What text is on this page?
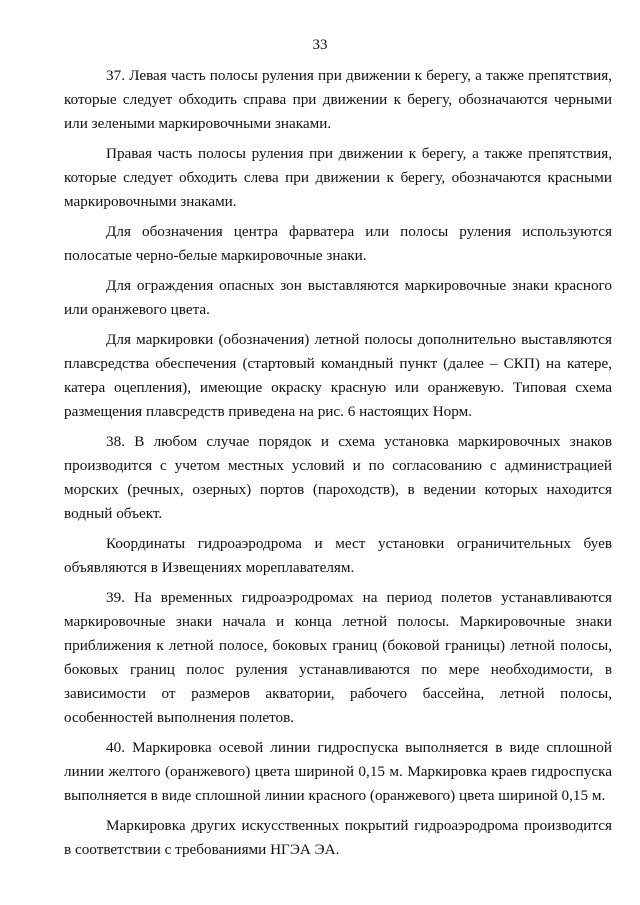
33

37. Левая часть полосы руления при движении к берегу, а также препятствия, которые следует обходить справа при движении к берегу, обозначаются черными или зелеными маркировочными знаками.

Правая часть полосы руления при движении к берегу, а также препятствия, которые следует обходить слева при движении к берегу, обозначаются красными маркировочными знаками.

Для обозначения центра фарватера или полосы руления используются полосатые черно-белые маркировочные знаки.

Для ограждения опасных зон выставляются маркировочные знаки красного или оранжевого цвета.

Для маркировки (обозначения) летной полосы дополнительно выставляются плавсредства обеспечения (стартовый командный пункт (далее – СКП) на катере, катера оцепления), имеющие окраску красную или оранжевую. Типовая схема размещения плавсредств приведена на рис. 6 настоящих Норм.

38. В любом случае порядок и схема установка маркировочных знаков производится с учетом местных условий и по согласованию с администрацией морских (речных, озерных) портов (пароходств), в ведении которых находится водный объект.

Координаты гидроаэродрома и мест установки ограничительных буев объявляются в Извещениях мореплавателям.

39. На временных гидроаэродромах на период полетов устанавливаются маркировочные знаки начала и конца летной полосы. Маркировочные знаки приближения к летной полосе, боковых границ (боковой границы) летной полосы, боковых границ полос руления устанавливаются по мере необходимости, в зависимости от размеров акватории, рабочего бассейна, летной полосы, особенностей выполнения полетов.

40. Маркировка осевой линии гидроспуска выполняется в виде сплошной линии желтого (оранжевого) цвета шириной 0,15 м. Маркировка краев гидроспуска выполняется в виде сплошной линии красного (оранжевого) цвета шириной 0,15 м.

Маркировка других искусственных покрытий гидроаэродрома производится в соответствии с требованиями НГЭА ЭА.
